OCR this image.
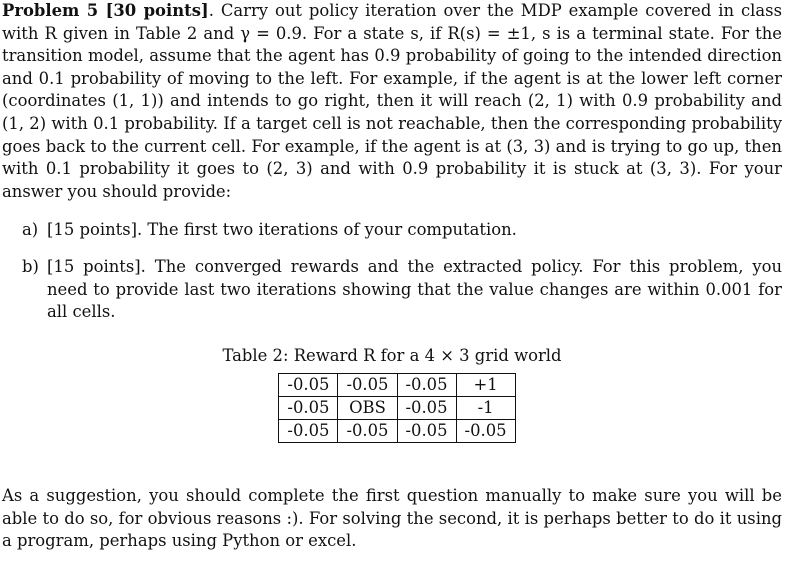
Problem 5 [30 points]. Carry out policy iteration over the MDP example covered in class with R given in Table 2 and γ = 0.9. For a state s, if R(s) = ±1, s is a terminal state. For the transition model, assume that the agent has 0.9 probability of going to the intended direction and 0.1 probability of moving to the left. For example, if the agent is at the lower left corner (coordinates (1, 1)) and intends to go right, then it will reach (2, 1) with 0.9 probability and (1, 2) with 0.1 probability. If a target cell is not reachable, then the corresponding probability goes back to the current cell. For example, if the agent is at (3, 3) and is trying to go up, then with 0.1 probability it goes to (2, 3) and with 0.9 probability it is stuck at (3, 3). For your answer you should provide:

a) [15 points]. The first two iterations of your computation.
b) [15 points]. The converged rewards and the extracted policy. For this problem, you need to provide last two iterations showing that the value changes are within 0.001 for all cells.
Table 2: Reward R for a 4 × 3 grid world
-0.05	-0.05	-0.05	+1
-0.05	OBS	-0.05	-1
-0.05	-0.05	-0.05	-0.05

As a suggestion, you should complete the first question manually to make sure you will be able to do so, for obvious reasons :). For solving the second, it is perhaps better to do it using a program, perhaps using Python or excel.
